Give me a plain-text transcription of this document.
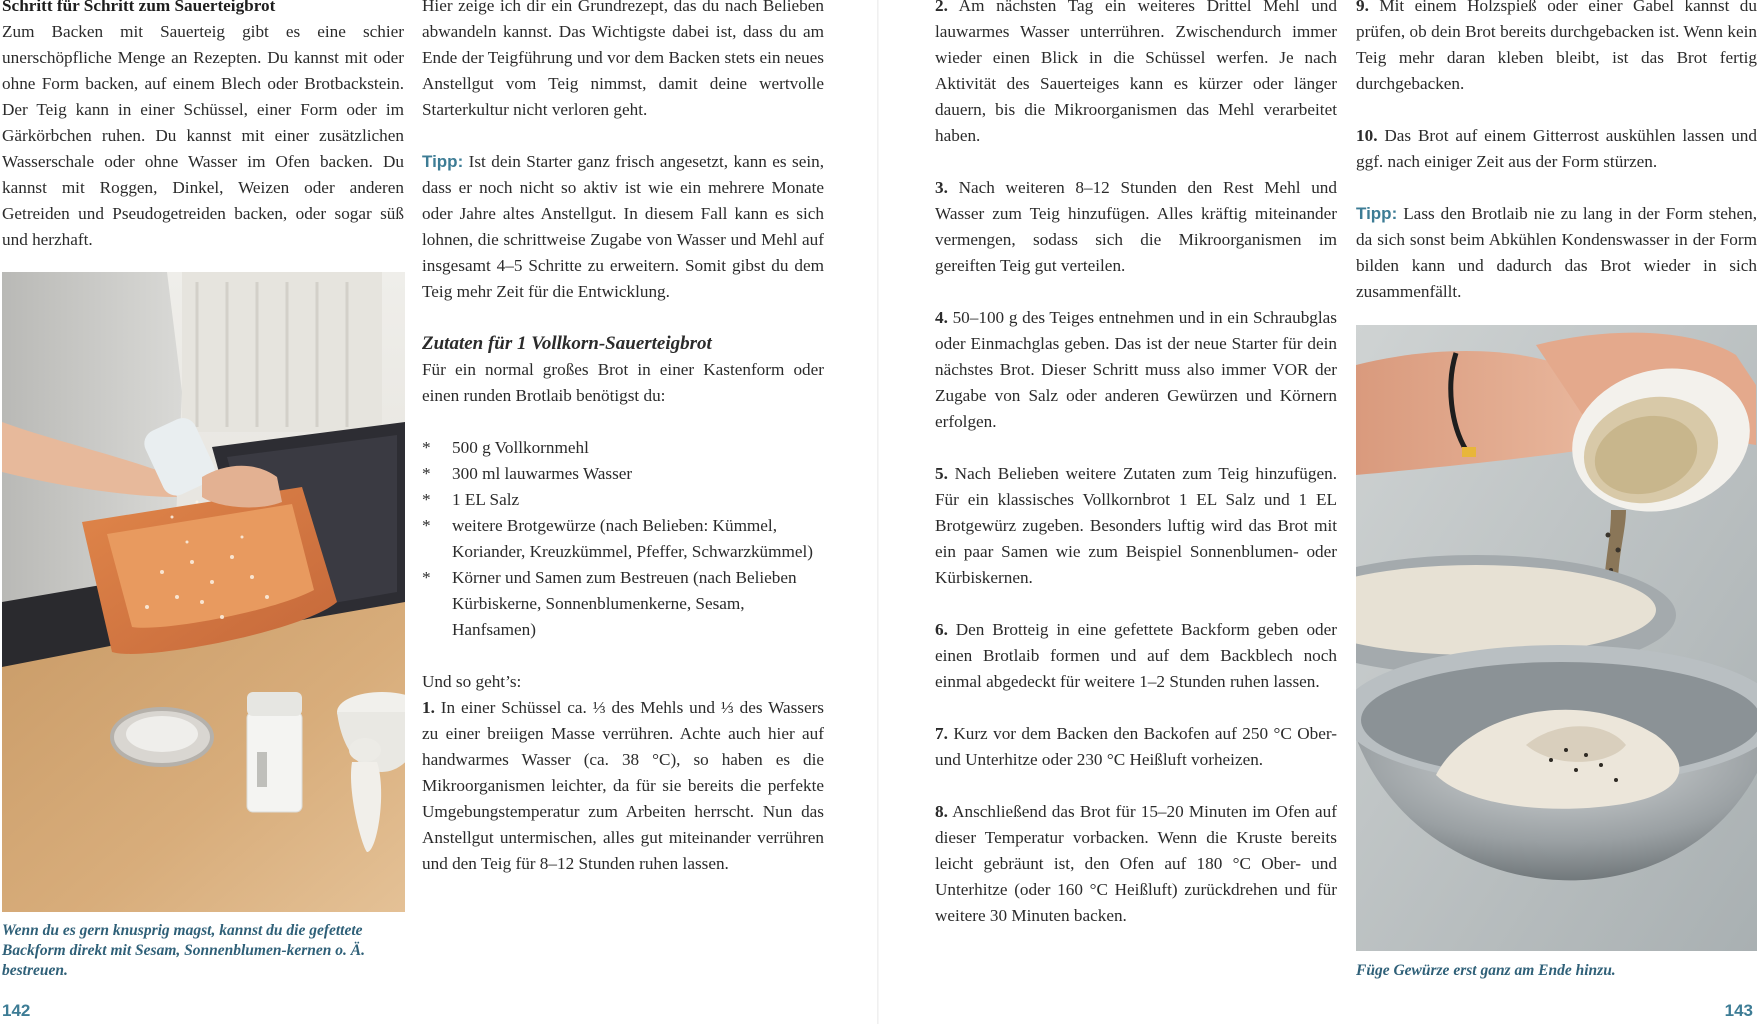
Schritt für Schritt zum Sauerteigbrot

Zum Backen mit Sauerteig gibt es eine schier unerschöpfliche Menge an Rezepten. Du kannst mit oder ohne Form backen, auf einem Blech oder Brotbackstein. Der Teig kann in einer Schüssel, einer Form oder im Gärkörbchen ruhen. Du kannst mit einer zusätzlichen Wasserschale oder ohne Wasser im Ofen backen. Du kannst mit Roggen, Dinkel, Weizen oder anderen Getreiden und Pseudogetreiden backen, oder sogar süß und herzhaft.

Wenn du es gern knusprig magst, kannst du die gefettete Backform direkt mit Sesam, Sonnenblumen-kernen o. Ä. bestreuen.

Hier zeige ich dir ein Grundrezept, das du nach Belieben abwandeln kannst. Das Wichtigste dabei ist, dass du am Ende der Teigführung und vor dem Backen stets ein neues Anstellgut vom Teig nimmst, damit deine wertvolle Starterkultur nicht verloren geht.

Tipp: Ist dein Starter ganz frisch angesetzt, kann es sein, dass er noch nicht so aktiv ist wie ein mehrere Monate oder Jahre altes Anstellgut. In diesem Fall kann es sich lohnen, die schrittweise Zugabe von Wasser und Mehl auf insgesamt 4–5 Schritte zu erweitern. Somit gibst du dem Teig mehr Zeit für die Entwicklung.

Zutaten für 1 Vollkorn-Sauerteigbrot

Für ein normal großes Brot in einer Kastenform oder einen runden Brotlaib benötigst du:

* 500 g Vollkornmehl
* 300 ml lauwarmes Wasser
* 1 EL Salz
* weitere Brotgewürze (nach Belieben: Kümmel, Koriander, Kreuzkümmel, Pfeffer, Schwarzkümmel)
* Körner und Samen zum Bestreuen (nach Belieben Kürbiskerne, Sonnenblumenkerne, Sesam, Hanfsamen)

Und so geht’s:

1. In einer Schüssel ca. ⅓ des Mehls und ⅓ des Wassers zu einer breiigen Masse verrühren. Achte auch hier auf handwarmes Wasser (ca. 38 °C), so haben es die Mikroorganismen leichter, da für sie bereits die perfekte Umgebungstemperatur zum Arbeiten herrscht. Nun das Anstellgut untermischen, alles gut miteinander verrühren und den Teig für 8–12 Stunden ruhen lassen.

142

2. Am nächsten Tag ein weiteres Drittel Mehl und lauwarmes Wasser unterrühren. Zwischendurch immer wieder einen Blick in die Schüssel werfen. Je nach Aktivität des Sauerteiges kann es kürzer oder länger dauern, bis die Mikroorganismen das Mehl verarbeitet haben.

3. Nach weiteren 8–12 Stunden den Rest Mehl und Wasser zum Teig hinzufügen. Alles kräftig miteinander vermengen, sodass sich die Mikroorganismen im gereiften Teig gut verteilen.

4. 50–100 g des Teiges entnehmen und in ein Schraubglas oder Einmachglas geben. Das ist der neue Starter für dein nächstes Brot. Dieser Schritt muss also immer VOR der Zugabe von Salz oder anderen Gewürzen und Körnern erfolgen.

5. Nach Belieben weitere Zutaten zum Teig hinzufügen. Für ein klassisches Vollkornbrot 1 EL Salz und 1 EL Brotgewürz zugeben. Besonders luftig wird das Brot mit ein paar Samen wie zum Beispiel Sonnenblumen- oder Kürbiskernen.

6. Den Brotteig in eine gefettete Backform geben oder einen Brotlaib formen und auf dem Backblech noch einmal abgedeckt für weitere 1–2 Stunden ruhen lassen.

7. Kurz vor dem Backen den Backofen auf 250 °C Ober- und Unterhitze oder 230 °C Heißluft vorheizen.

8. Anschließend das Brot für 15–20 Minuten im Ofen auf dieser Temperatur vorbacken. Wenn die Kruste bereits leicht gebräunt ist, den Ofen auf 180 °C Ober- und Unterhitze (oder 160 °C Heißluft) zurückdrehen und für weitere 30 Minuten backen.

9. Mit einem Holzspieß oder einer Gabel kannst du prüfen, ob dein Brot bereits durchgebacken ist. Wenn kein Teig mehr daran kleben bleibt, ist das Brot fertig durchgebacken.

10. Das Brot auf einem Gitterrost auskühlen lassen und ggf. nach einiger Zeit aus der Form stürzen.

Tipp: Lass den Brotlaib nie zu lang in der Form stehen, da sich sonst beim Abkühlen Kondenswasser in der Form bilden kann und dadurch das Brot wieder in sich zusammenfällt.

Füge Gewürze erst ganz am Ende hinzu.

143
